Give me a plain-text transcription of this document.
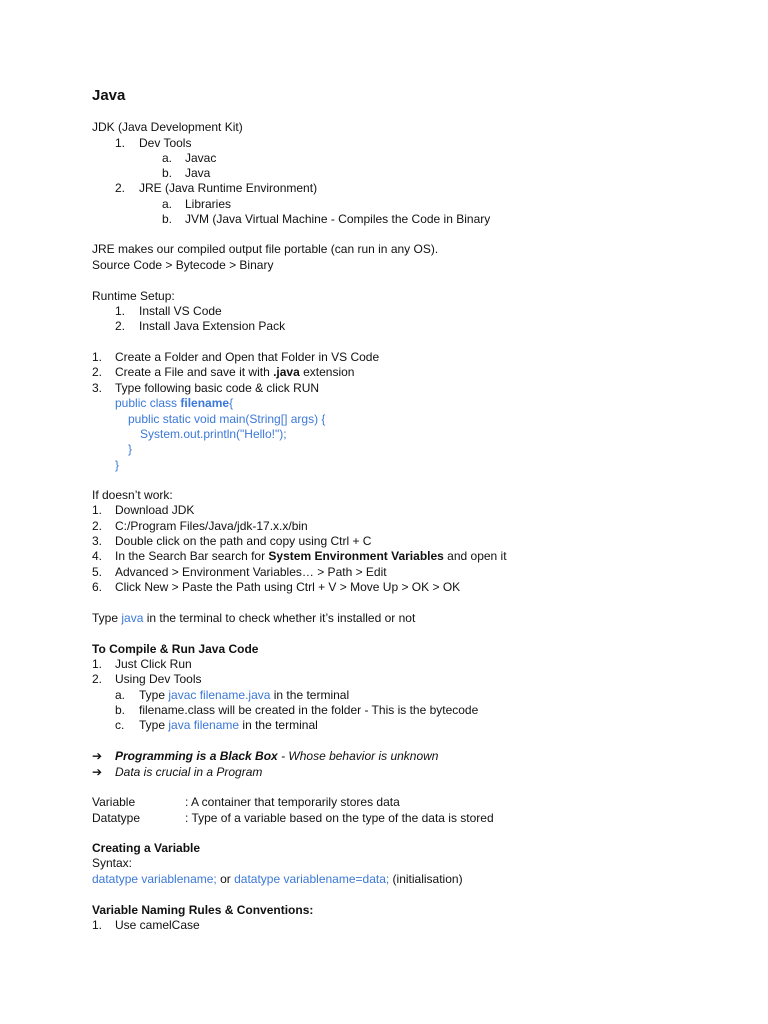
Java
JDK (Java Development Kit)
1. Dev Tools
a. Javac
b. Java
2. JRE (Java Runtime Environment)
a. Libraries
b. JVM (Java Virtual Machine - Compiles the Code in Binary
JRE makes our compiled output file portable (can run in any OS).
Source Code > Bytecode > Binary
Runtime Setup:
1. Install VS Code
2. Install Java Extension Pack
1. Create a Folder and Open that Folder in VS Code
2. Create a File and save it with .java extension
3. Type following basic code & click RUN
public class filename{
public static void main(String[] args) {
System.out.println("Hello!");
}
}
If doesn’t work:
1. Download JDK
2. C:/Program Files/Java/jdk-17.x.x/bin
3. Double click on the path and copy using Ctrl + C
4. In the Search Bar search for System Environment Variables and open it
5. Advanced > Environment Variables… > Path > Edit
6. Click New > Paste the Path using Ctrl + V > Move Up > OK > OK
Type java in the terminal to check whether it’s installed or not
To Compile & Run Java Code
1. Just Click Run
2. Using Dev Tools
a. Type javac filename.java in the terminal
b. filename.class will be created in the folder - This is the bytecode
c. Type java filename in the terminal
➔ Programming is a Black Box - Whose behavior is unknown
➔ Data is crucial in a Program
Variable	: A container that temporarily stores data
Datatype	: Type of a variable based on the type of the data is stored
Creating a Variable
Syntax:
datatype variablename; or datatype variablename=data; (initialisation)
Variable Naming Rules & Conventions:
1. Use camelCase
